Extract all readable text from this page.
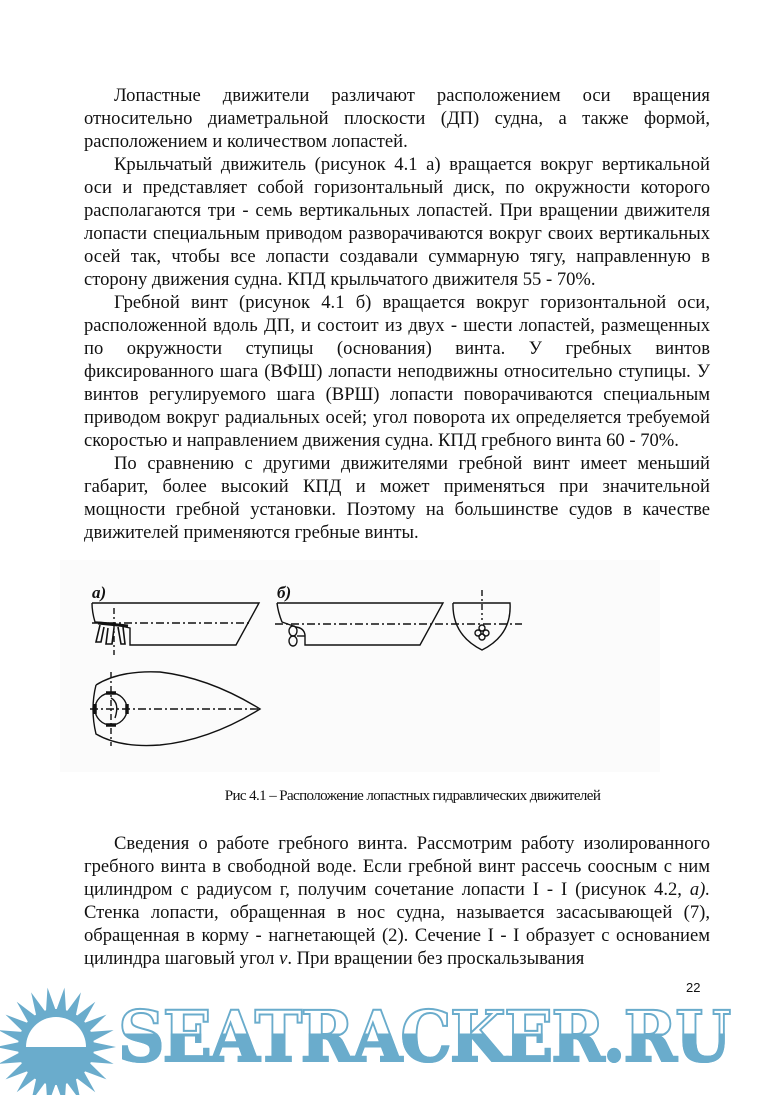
Лопастные движители различают расположением оси вращения относительно диаметральной плоскости (ДП) судна, а также формой, расположением и количеством лопастей.

Крыльчатый движитель (рисунок 4.1 а) вращается вокруг вертикальной оси и представляет собой горизонтальный диск, по окружности которого располагаются три - семь вертикальных лопастей. При вращении движителя лопасти специальным приводом разворачиваются вокруг своих вертикальных осей так, чтобы все лопасти создавали суммарную тягу, направленную в сторону движения судна. КПД крыльчатого движителя 55 - 70%.

Гребной винт (рисунок 4.1 б) вращается вокруг горизонтальной оси, расположенной вдоль ДП, и состоит из двух - шести лопастей, размещенных по окружности ступицы (основания) винта. У гребных винтов фиксированного шага (ВФШ) лопасти неподвижны относительно ступицы. У винтов регулируемого шага (ВРШ) лопасти поворачиваются специальным приводом вокруг радиальных осей; угол поворота их определяется требуемой скоростью и направлением движения судна. КПД гребного винта 60 - 70%.

По сравнению с другими движителями гребной винт имеет меньший габарит, более высокий КПД и может применяться при значительной мощности гребной установки. Поэтому на большинстве судов в качестве движителей применяются гребные винты.

а)	б)
Рис 4.1 – Расположение лопастных гидравлических движителей

Сведения о работе гребного винта. Рассмотрим работу изолированного гребного винта в свободной воде. Если гребной винт рассечь соосным с ним цилиндром с радиусом г, получим сочетание лопасти I - I (рисунок 4.2, а). Стенка лопасти, обращенная в нос судна, называется засасывающей (7), обращенная в корму - нагнетающей (2). Сечение I - I образует с основанием цилиндра шаговый угол ν. При вращении без проскальзывания

22
SEATRACKER.RU
